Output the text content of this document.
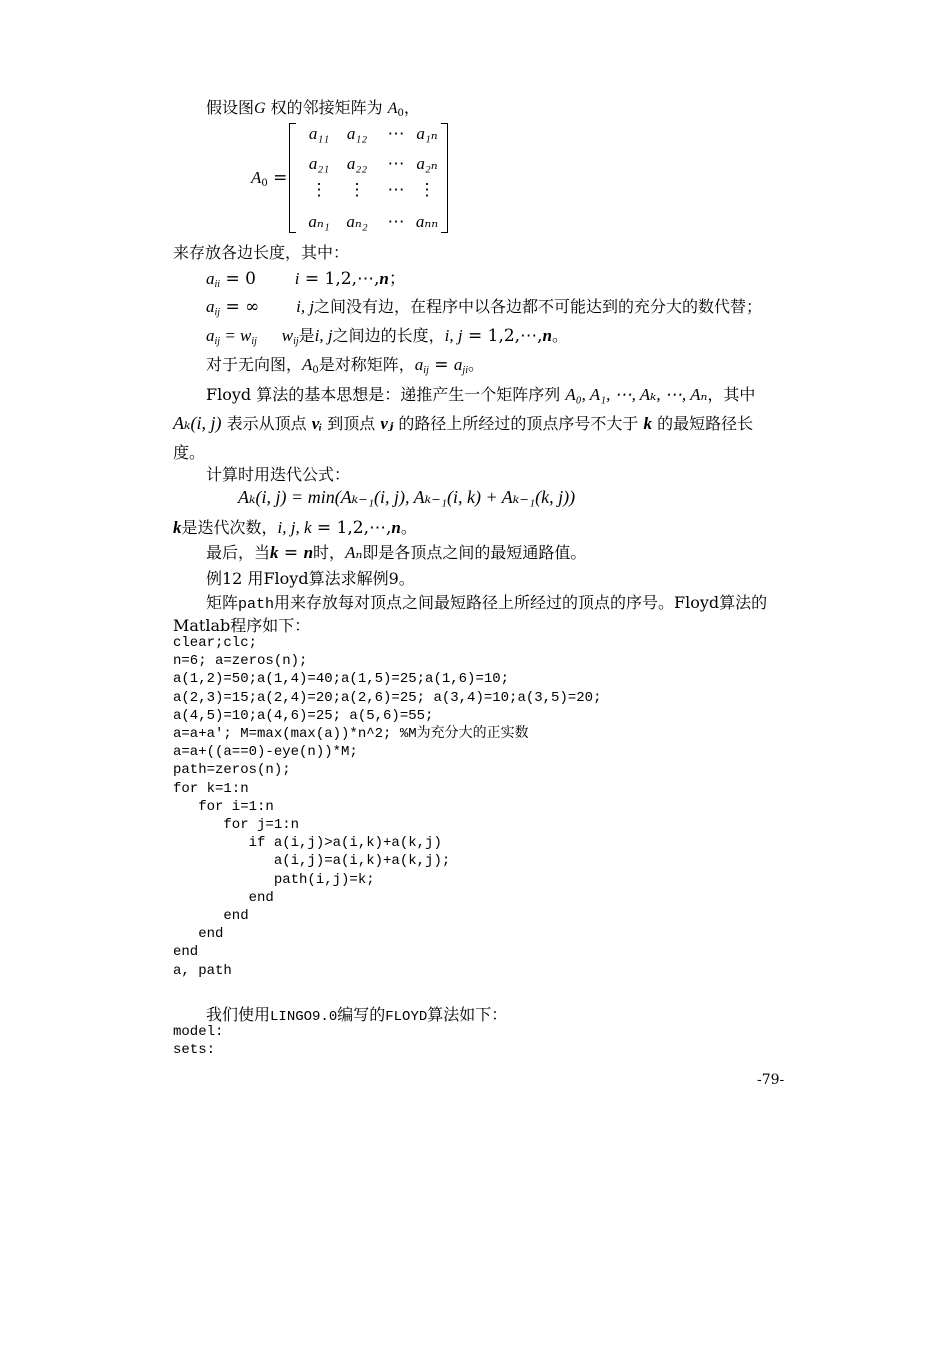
假设图G 权的邻接矩阵为 $A_0$，
$A_0$ =
a₁₁	a₁₂	⋯ a₁ₙ
a₂₁	a₂₂	⋯ a₂ₙ
⋮	⋮	⋯ ⋮
aₙ₁ aₙ₂	⋯ aₙₙ
来存放各边长度，其中：
$a_{ii} = 0$ i = 1,2,⋯,n；
$a_{ij}$ = ∞ i, j之间没有边，在程序中以各边都不可能达到的充分大的数代替；
$a_{ij} = w_{ij}$ $w_{ij}$是i, j之间边的长度，i, j = 1,2,⋯,n。
对于无向图，$A_0$是对称矩阵，$a_{ij} = a_{ji}$。
Floyd 算法的基本思想是：递推产生一个矩阵序列 A₀, A₁, ⋯, Aₖ, ⋯, Aₙ，其中
Aₖ(i, j) 表示从顶点 vᵢ 到顶点 vⱼ 的路径上所经过的顶点序号不大于 k 的最短路径长
度。
计算时用迭代公式：
Aₖ(i, j) = min(Aₖ₋₁(i, j), Aₖ₋₁(i, k) + Aₖ₋₁(k, j))
k是迭代次数，i, j, k = 1,2,⋯,n。
最后，当k = n时，Aₙ即是各顶点之间的最短通路值。
例12 用Floyd算法求解例9。
矩阵path用来存放每对顶点之间最短路径上所经过的顶点的序号。Floyd算法的
Matlab程序如下：
clear;clc;
n=6; a=zeros(n);
a(1,2)=50;a(1,4)=40;a(1,5)=25;a(1,6)=10;
a(2,3)=15;a(2,4)=20;a(2,6)=25; a(3,4)=10;a(3,5)=20;
a(4,5)=10;a(4,6)=25; a(5,6)=55;
a=a+a'; M=max(max(a))*n^2; %M为充分大的正实数
a=a+((a==0)-eye(n))*M;
path=zeros(n);
for k=1:n
for i=1:n
for j=1:n
if a(i,j)>a(i,k)+a(k,j)
a(i,j)=a(i,k)+a(k,j);
path(i,j)=k;
end
end
end
end
a, path
我们使用LINGO9.0编写的FLOYD算法如下：
model:
sets:
-79-
